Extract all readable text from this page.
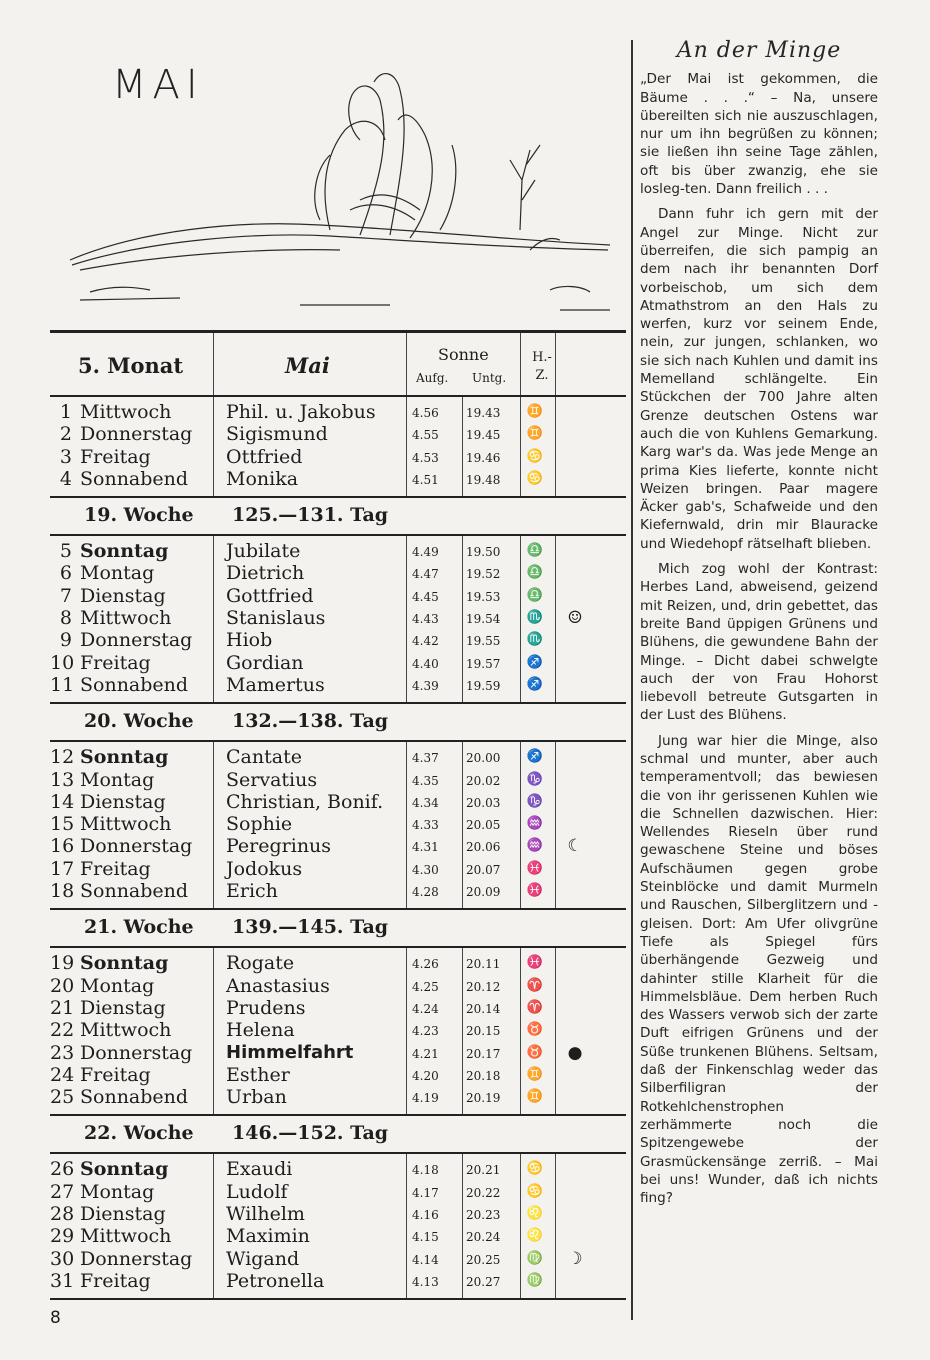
MAI
5. Monat	Mai	Sonne
Aufg. Untg.
H.-
Z.
1 Mittwoch	Phil. u. Jakobus	4.56 19.43 ♊
2 Donnerstag Sigismund	4.55 19.45 ♊
3 Freitag	Ottfried	4.53 19.46 ♋
4 Sonnabend Monika	4.51 19.48 ♋
19. Woche 125.—131. Tag
5 Sonntag	Jubilate	4.49 19.50 ♎
6 Montag	Dietrich	4.47 19.52 ♎
7 Dienstag	Gottfried	4.45 19.53 ♎
8 Mittwoch	Stanislaus	4.43 19.54 ♏	☺
9 Donnerstag Hiob	4.42 19.55 ♏
10 Freitag	Gordian	4.40 19.57 ♐
11 Sonnabend Mamertus	4.39 19.59 ♐
20. Woche 132.—138. Tag
12 Sonntag	Cantate	4.37 20.00 ♐
13 Montag	Servatius	4.35 20.02 ♑
14 Dienstag	Christian, Bonif. 4.34 20.03 ♑
15 Mittwoch	Sophie	4.33 20.05 ♒
16 Donnerstag Peregrinus	4.31 20.06 ♒	☾
17 Freitag	Jodokus	4.30 20.07 ♓
18 Sonnabend Erich	4.28 20.09 ♓
21. Woche 139.—145. Tag
19 Sonntag	Rogate	4.26 20.11 ♓
20 Montag	Anastasius	4.25 20.12 ♈
21 Dienstag	Prudens	4.24 20.14 ♈
22 Mittwoch	Helena	4.23 20.15 ♉
23 Donnerstag Himmelfahrt	4.21 20.17 ♉	●
24 Freitag	Esther	4.20 20.18 ♊
25 Sonnabend Urban	4.19 20.19 ♊
22. Woche 146.—152. Tag
26 Sonntag	Exaudi	4.18 20.21 ♋
27 Montag	Ludolf	4.17 20.22 ♋
28 Dienstag	Wilhelm	4.16 20.23 ♌
29 Mittwoch	Maximin	4.15 20.24 ♌
30 Donnerstag Wigand	4.14 20.25 ♍	☽
31 Freitag	Petronella	4.13 20.27 ♍
8
An der Minge

„Der Mai ist gekommen, die Bäume . . .“ – Na, unsere übereilten sich nie auszuschlagen, nur um ihn begrüßen zu können; sie ließen ihn seine Tage zählen, oft bis über zwanzig, ehe sie losleg-ten. Dann freilich . . .

Dann fuhr ich gern mit der Angel zur Minge. Nicht zur überreifen, die sich pampig an dem nach ihr benannten Dorf vorbeischob, um sich dem Atmathstrom an den Hals zu werfen, kurz vor seinem Ende, nein, zur jungen, schlanken, wo sie sich nach Kuhlen und damit ins Memelland schlängelte. Ein Stückchen der 700 Jahre alten Grenze deutschen Ostens war auch die von Kuhlens Gemarkung. Karg war's da. Was jede Menge an prima Kies lieferte, konnte nicht Weizen bringen. Paar magere Äcker gab's, Schafweide und den Kiefernwald, drin mir Blauracke und Wiedehopf rätselhaft blieben.

Mich zog wohl der Kontrast: Herbes Land, abweisend, geizend mit Reizen, und, drin gebettet, das breite Band üppigen Grünens und Blühens, die gewundene Bahn der Minge. – Dicht dabei schwelgte auch der von Frau Hohorst liebevoll betreute Gutsgarten in der Lust des Blühens.

Jung war hier die Minge, also schmal und munter, aber auch temperamentvoll; das bewiesen die von ihr gerissenen Kuhlen wie die Schnellen dazwischen. Hier: Wellendes Rieseln über rund gewaschene Steine und böses Aufschäumen gegen grobe Steinblöcke und damit Murmeln und Rauschen, Silberglitzern und -gleisen. Dort: Am Ufer olivgrüne Tiefe als Spiegel fürs überhängende Gezweig und dahinter stille Klarheit für die Himmelsbläue. Dem herben Ruch des Wassers verwob sich der zarte Duft eifrigen Grünens und der Süße trunkenen Blühens. Seltsam, daß der Finkenschlag weder das Silberfiligran der Rotkehlchenstrophen zerhämmerte noch die Spitzengewebe der Grasmückensänge zerriß. – Mai bei uns! Wunder, daß ich nichts fing?
